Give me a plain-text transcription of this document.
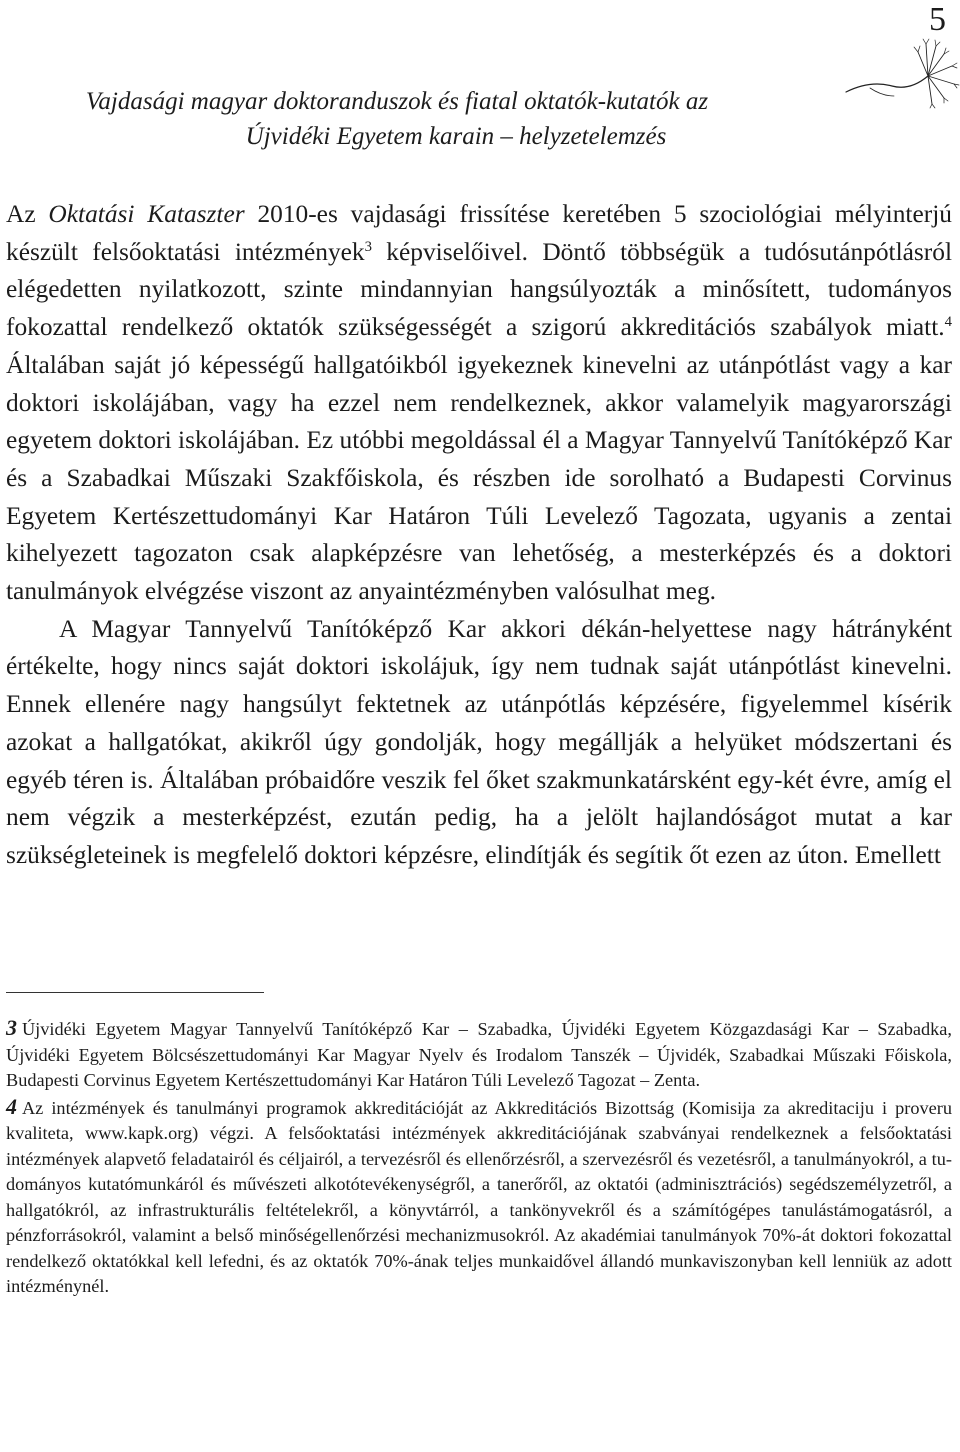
5
Vajdasági magyar doktoranduszok és fiatal oktatók-kutatók az
Újvidéki Egyetem karain – helyzetelemzés

Az Oktatási Kataszter 2010-es vajdasági frissítése keretében 5 szociológiai mélyinterjú készült felsőoktatási intézmények$^3$ képviselőivel. Döntő többségük a tudósutánpótlásról elégedetten nyilatkozott, szinte mindannyian hangsúlyozták a minősített, tudományos fokozattal rendelkező oktatók szükségességét a szigorú akkreditációs szabályok miatt.$^4$ Általában saját jó képességű hallgatóikból igyekeznek kinevelni az utánpótlást vagy a kar doktori iskolájában, vagy ha ezzel nem rendelkeznek, akkor valamelyik magyarországi egyetem doktori iskolájában. Ez utóbbi megoldással él a Magyar Tannyelvű Tanítóképző Kar és a Szabadkai Műszaki Szakfőiskola, és részben ide sorolható a Budapesti Corvinus Egyetem Kertészettudományi Kar Határon Túli Levelező Tagozata, ugyanis a zentai kihelyezett tagozaton csak alapképzésre van lehetőség, a mesterképzés és a doktori tanulmányok elvégzése viszont az anyaintézményben valósulhat meg.

A Magyar Tannyelvű Tanítóképző Kar akkori dékán-helyettese nagy hátrányként értékelte, hogy nincs saját doktori iskolájuk, így nem tudnak saját utánpótlást kinevelni. Ennek ellenére nagy hangsúlyt fektetnek az utánpótlás képzésére, figyelemmel kísérik azokat a hallgatókat, akikről úgy gondolják, hogy megállják a helyüket módszertani és egyéb téren is. Általában próbaidőre veszik fel őket szakmunkatársként egy-két évre, amíg el nem végzik a mesterképzést, ezután pedig, ha a jelölt hajlandóságot mutat a kar szükségleteinek is megfelelő doktori képzésre, elindítják és segítik őt ezen az úton. Emellett

3 Újvidéki Egyetem Magyar Tannyelvű Tanítóképző Kar – Szabadka, Újvidéki Egyetem Közgazdasági Kar – Szabadka, Újvidéki Egyetem Bölcsészettudományi Kar Magyar Nyelv és Irodalom Tanszék – Újvidék, Szabadkai Műszaki Főiskola, Budapesti Corvinus Egyetem Kertészettudományi Kar Határon Túli Levelező Tagozat – Zenta.

4 Az intézmények és tanulmányi programok akkreditációját az Akkreditációs Bizottság (Komisija za akreditaciju i proveru kvaliteta, www.kapk.org) végzi. A felsőoktatási intézmények akkreditációjának szabványai rendelkeznek a felsőoktatási intézmények alapvető feladatairól és céljairól, a tervezésről és ellenőrzésről, a szervezésről és vezetésről, a tanulmányokról, a tudományos kutatómunkáról és művészeti alkotótevékenységről, a tanerőről, az oktatói (adminisztrációs) segédszemélyzetről, a hallgatókról, az infrastrukturális feltételekről, a könyvtárról, a tankönyvekről és a számítógépes tanulástámogatásról, a pénzforrásokról, valamint a belső minőségellenőrzési mechanizmusokról. Az akadémiai tanulmányok 70%-át doktori fokozattal rendelkező oktatókkal kell lefedni, és az oktatók 70%-ának teljes munkaidővel állandó munkaviszonyban kell lenniük az adott intézménynél.
